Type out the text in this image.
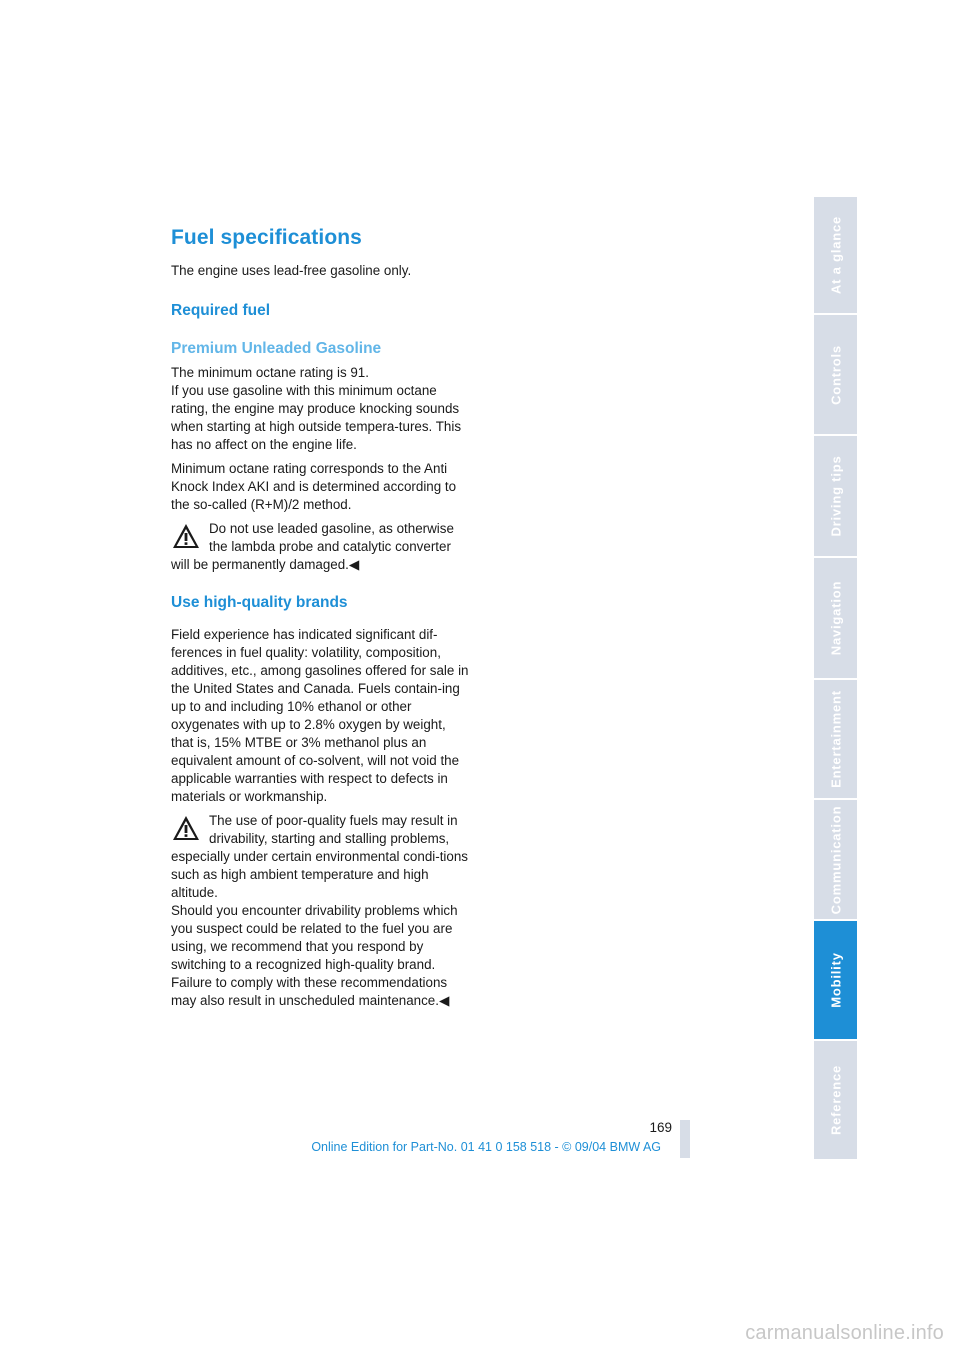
Fuel specifications

The engine uses lead-free gasoline only.

Required fuel
Premium Unleaded Gasoline

The minimum octane rating is 91.

If you use gasoline with this minimum octane rating, the engine may produce knocking sounds when starting at high outside tempera-tures. This has no affect on the engine life.

Minimum octane rating corresponds to the Anti Knock Index AKI and is determined according to the so-called (R+M)/2 method.

Do not use leaded gasoline, as otherwise the lambda probe and catalytic converter will be permanently damaged.◀

Use high-quality brands

Field experience has indicated significant dif-ferences in fuel quality: volatility, composition, additives, etc., among gasolines offered for sale in the United States and Canada. Fuels contain-ing up to and including 10% ethanol or other oxygenates with up to 2.8% oxygen by weight, that is, 15% MTBE or 3% methanol plus an equivalent amount of co-solvent, will not void the applicable warranties with respect to defects in materials or workmanship.

The use of poor-quality fuels may result in drivability, starting and stalling problems, especially under certain environmental condi-tions such as high ambient temperature and high altitude.

Should you encounter drivability problems which you suspect could be related to the fuel you are using, we recommend that you respond by switching to a recognized high-quality brand.

Failure to comply with these recommendations may also result in unscheduled maintenance.◀

At a glance
Controls
Driving tips
Navigation
Entertainment
Communication
Mobility
Reference
169
Online Edition for Part-No. 01 41 0 158 518 - © 09/04 BMW AG
carmanualsonline.info
